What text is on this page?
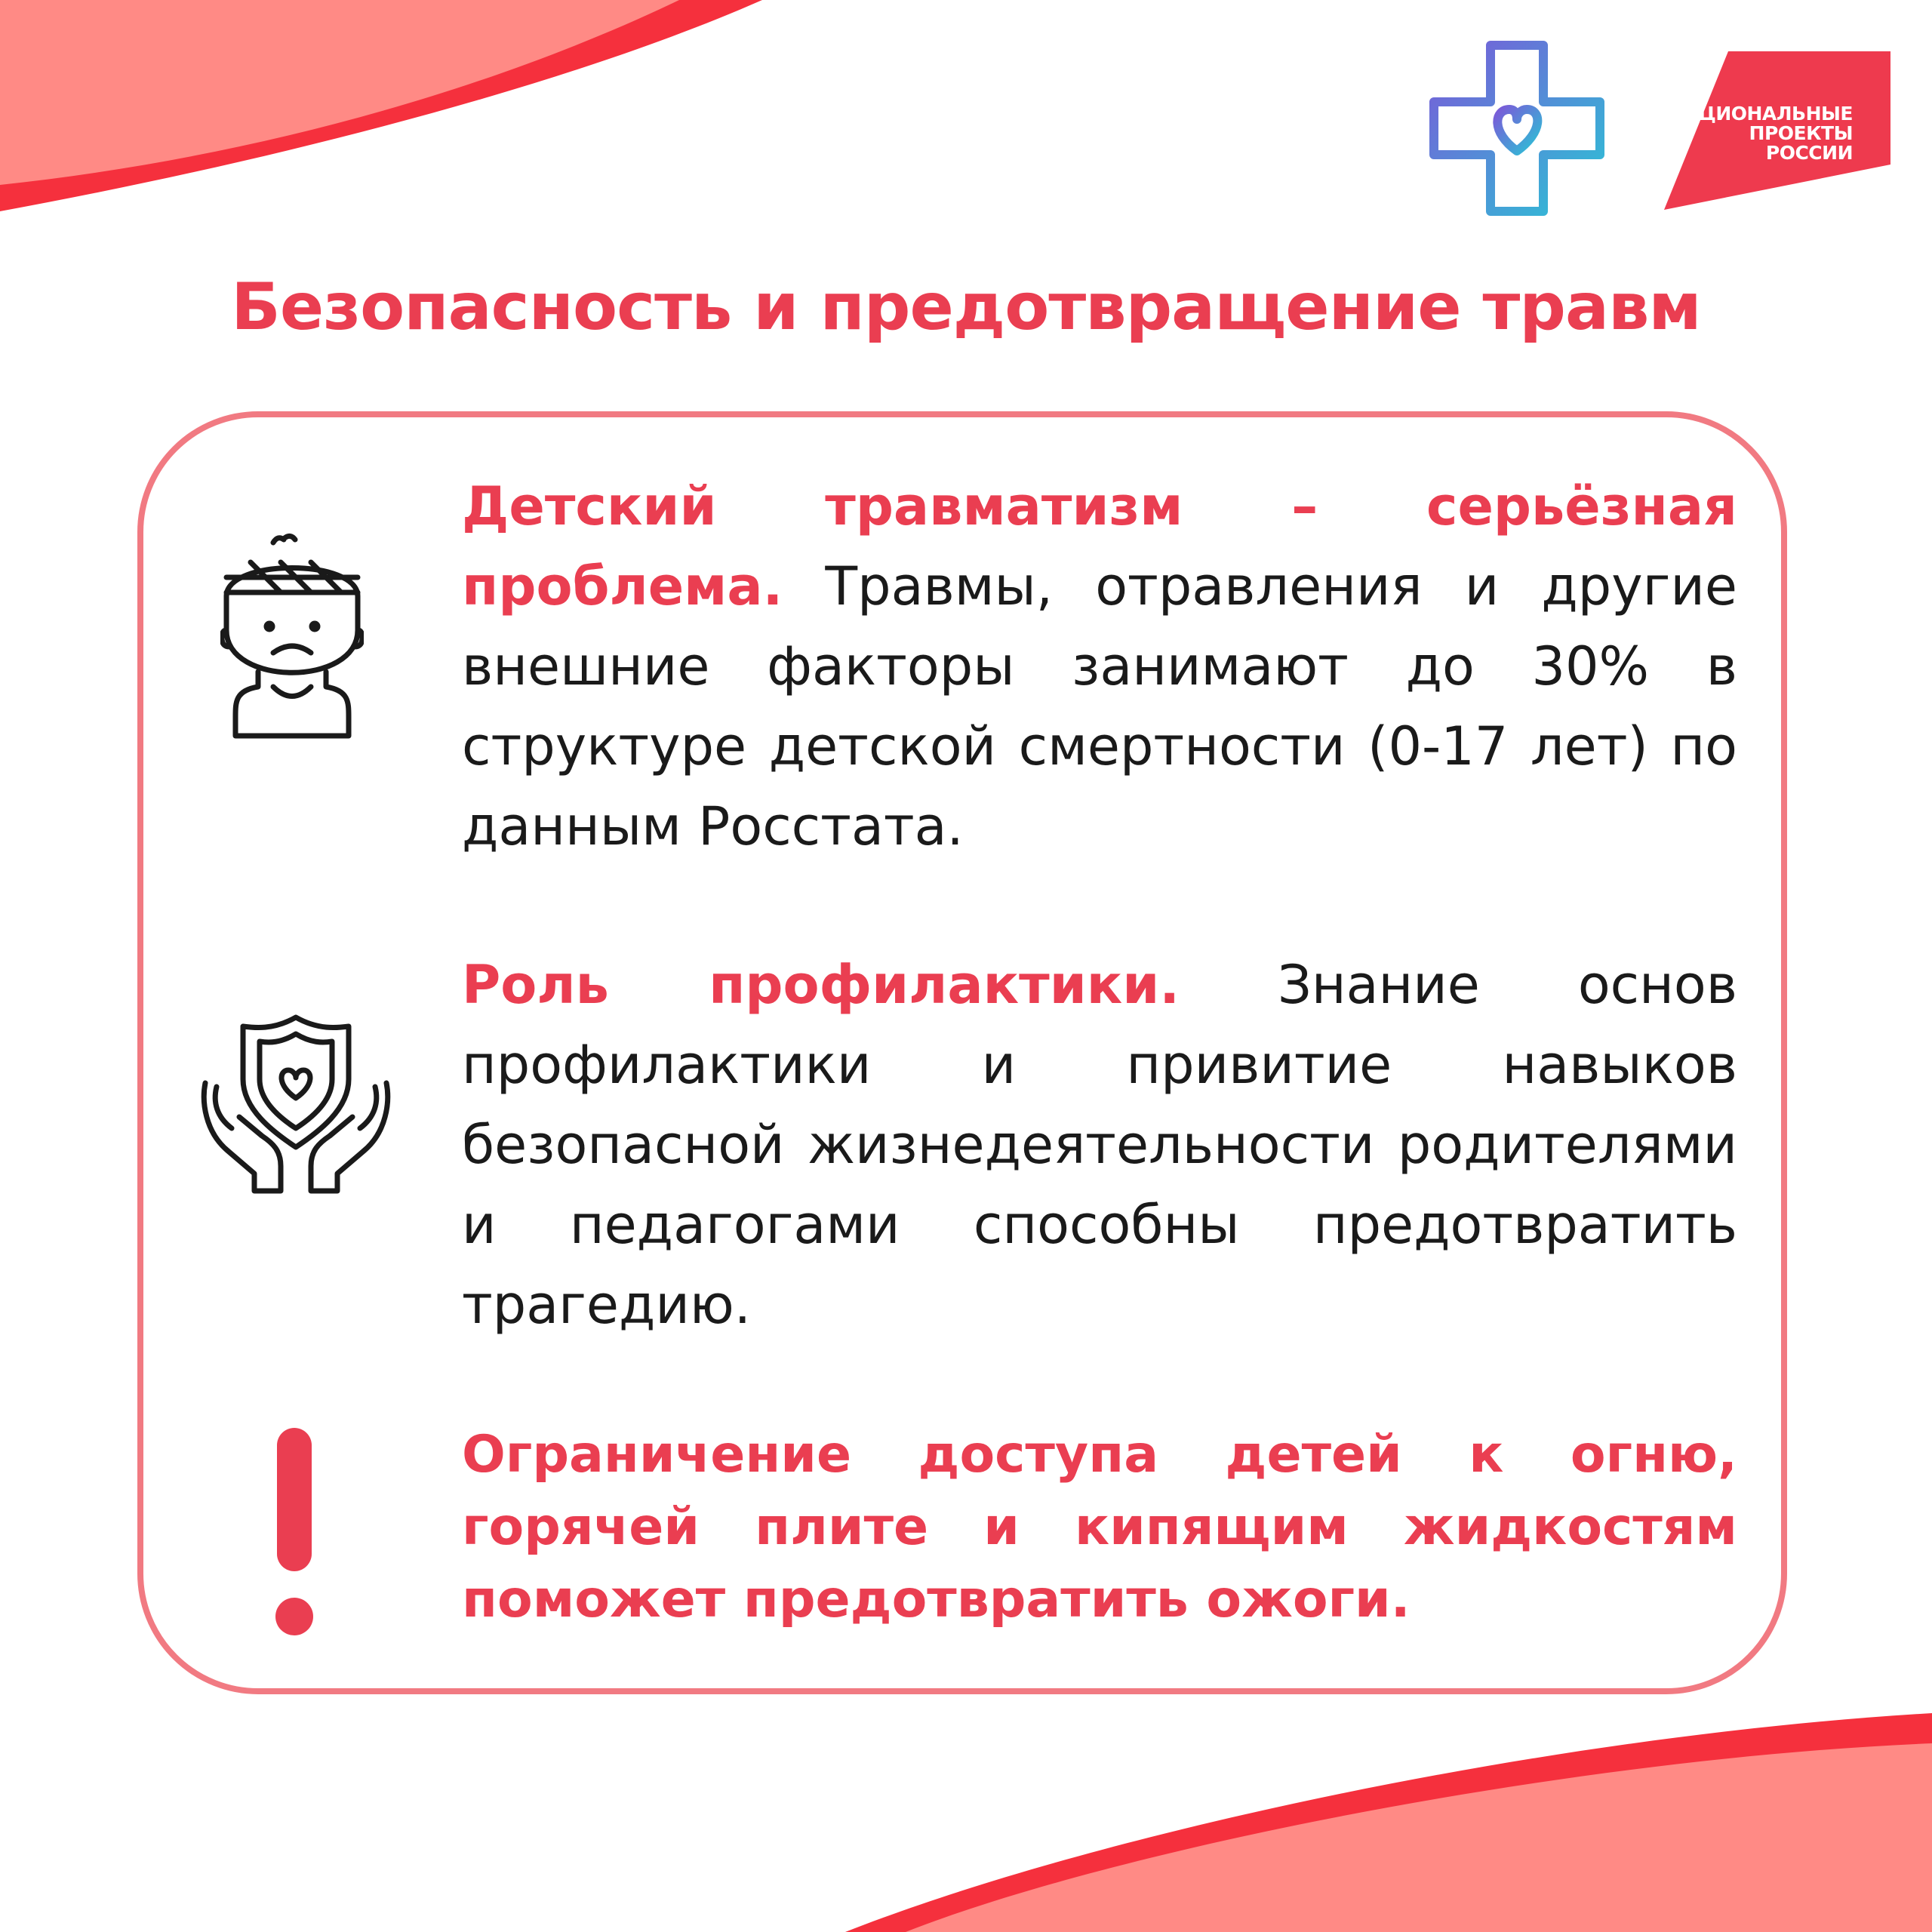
НАЦИОНАЛЬНЫЕ
ПРОЕКТЫ
РОССИИ
Безопасность и предотвращение травм

Детский травматизм – серьёзная проблема. Травмы, отравления и другие внешние факторы занимают до 30% в структуре детской смертности (0-17 лет) по данным Росстата.

Роль профилактики. Знание основ профилактики и привитие навыков безопасной жизнедеятельности родителями и педагогами способны предотвратить трагедию.

Ограничение доступа детей к огню, горячей плите и кипящим жидкостям поможет предотвратить ожоги.
